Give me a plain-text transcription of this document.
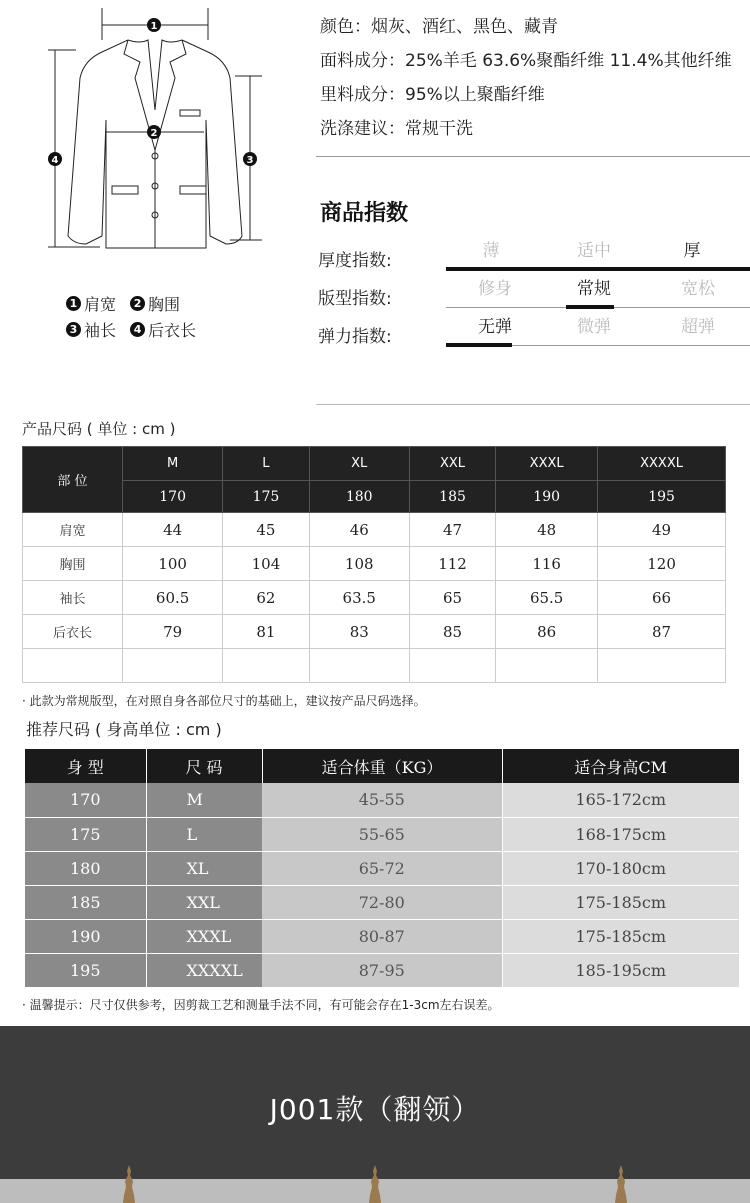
1
2
3
4
1 肩宽	2 胸围
3 袖长	4 后衣长
颜色：烟灰、酒红、黑色、藏青
面料成分：25%羊毛 63.6%聚酯纤维 11.4%其他纤维
里料成分：95%以上聚酯纤维
洗涤建议：常规干洗
商品指数
厚度指数:	薄	适中	厚
版型指数:	修身	常规	宽松
弹力指数:	无弹	微弹	超弹
产品尺码 ( 单位 : cm )
部 位	M	L	XL	XXL	XXXL	XXXXL
	170	175	180	185	190	195
肩宽	44	45	46	47	48	49
胸围	100	104	108	112	116	120
袖长	60.5	62	63.5	65	65.5	66
后衣长	79	81	83	85	86	87

· 此款为常规版型，在对照自身各部位尺寸的基础上，建议按产品尺码选择。
推荐尺码 ( 身高单位 : cm )
身 型	尺 码	适合体重（KG）	适合身高CM
170	M	45-55	165-172cm
175	L	55-65	168-175cm
180	XL	65-72	170-180cm
185	XXL	72-80	175-185cm
190	XXXL	80-87	175-185cm
195	XXXXL	87-95	185-195cm
· 温馨提示：尺寸仅供参考，因剪裁工艺和测量手法不同，有可能会存在1-3cm左右误差。
J001款（翻领）
